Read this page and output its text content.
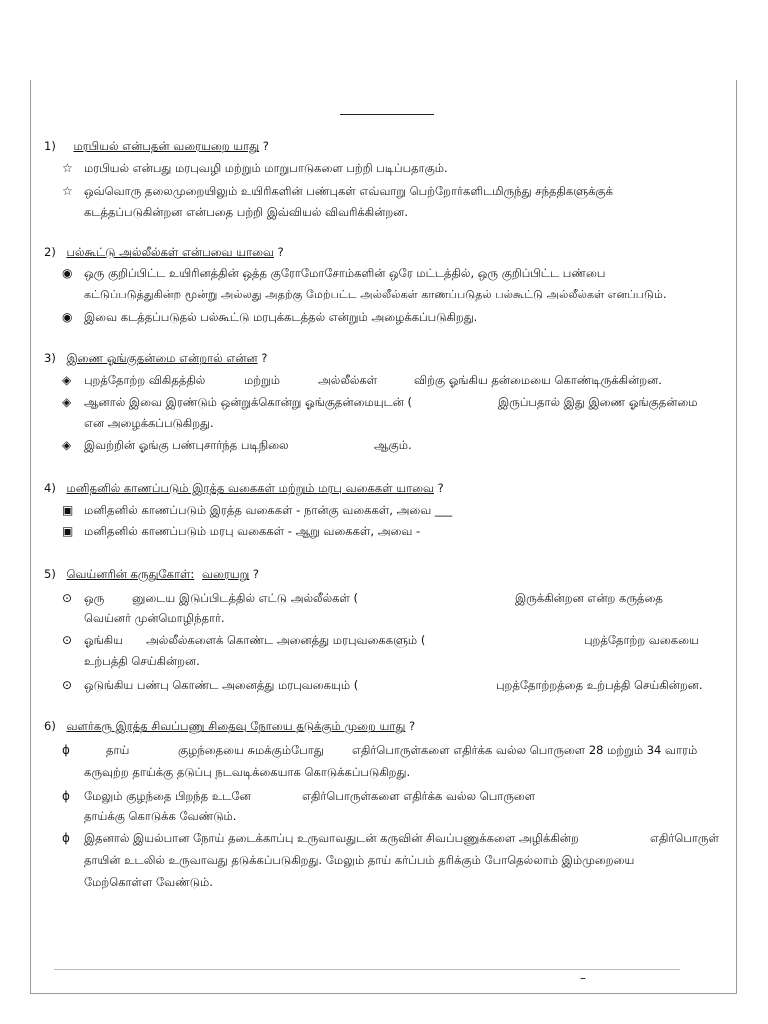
1) மரபியல் என்பதன் வரையறை யாது ?
☆ மரபியல் என்பது மரபுவழி மற்றும் மாறுபாடுகளை பற்றி படிப்பதாகும்.
☆ ஒவ்வொரு தலைமுறையிலும் உயிரிகளின் பண்புகள் எவ்வாறு பெற்றோர்களிடமிருந்து சந்ததிகளுக்குக்
கடத்தப்படுகின்றன என்பதை பற்றி இவ்வியல் விவரிக்கின்றன.
2) பல்கூட்டு அல்லீல்கள் என்பவை யாவை ?
◉ ஒரு குறிப்பிட்ட உயிரினத்தின் ஒத்த குரோமோசோம்களின் ஒரே மட்டத்தில், ஒரு குறிப்பிட்ட பண்பை
கட்டுப்படுத்துகின்ற மூன்று அல்லது அதற்கு மேற்பட்ட அல்லீல்கள் காணப்படுதல் பல்கூட்டு அல்லீல்கள் எனப்படும்.
◉ இவை கடத்தப்படுதல் பல்கூட்டு மரபுக்கடத்தல் என்றும் அழைக்கப்படுகிறது.
3) இணை ஓங்குதன்மை என்றால் என்ன ?
◈ புறத்தோற்ற விகிதத்தில்	மற்றும்	அல்லீல்கள்	விற்கு ஓங்கிய தன்மையை கொண்டிருக்கின்றன.
◈ ஆனால் இவை இரண்டும் ஒன்றுக்கொன்று ஓங்குதன்மையுடன் (	இருப்பதால் இது இணை ஓங்குதன்மை
என அழைக்கப்படுகிறது.
◈ இவற்றின் ஓங்கு பண்புசார்ந்த படிநிலை	ஆகும்.
4) மனிதனில் காணப்படும் இரத்த வகைகள் மற்றும் மரபு வகைகள் யாவை ?
▣ மனிதனில் காணப்படும் இரத்த வகைகள் - நான்கு வகைகள், அவை ___
▣ மனிதனில் காணப்படும் மரபு வகைகள் - ஆறு வகைகள், அவை -
5) வெய்னரின் கருதுகோள்: வரையறு ?
⊙ ஒரு னுடைய இடுப்பிடத்தில் எட்டு அல்லீல்கள் (	இருக்கின்றன என்ற கருத்தை
வெய்னர் முன்மொழிந்தார்.
⊙ ஓங்கிய அல்லீல்களைக் கொண்ட அனைத்து மரபுவகைகளும் (	புறத்தோற்ற வகையை
உற்பத்தி செய்கின்றன.
⊙ ஒடுங்கிய பண்பு கொண்ட அனைத்து மரபுவகையும் (	புறத்தோற்றத்தை உற்பத்தி செய்கின்றன.
6) வளர்கரு இரத்த சிவப்பணு சிதைவு நோயை தடுக்கும் முறை யாது ?
ɸ	தாய்	குழந்தையை சுமக்கும்போது எதிர்பொருள்களை எதிர்க்க வல்ல பொருளை 28 மற்றும் 34 வாரம்
கருவுற்ற தாய்க்கு தடுப்பு நடவடிக்கையாக கொடுக்கப்படுகிறது.
ɸ மேலும் குழந்தை பிறந்த உடனே	எதிர்பொருள்களை எதிர்க்க வல்ல பொருளை
தாய்க்கு கொடுக்க வேண்டும்.
ɸ இதனால் இயல்பான நோய் தடைக்காப்பு உருவாவதுடன் கருவின் சிவப்பணுக்களை அழிக்கின்ற	எதிர்பொருள்
தாயின் உடலில் உருவாவது தடுக்கப்படுகிறது. மேலும் தாய் கர்ப்பம் தரிக்கும் போதெல்லாம் இம்முறையை
மேற்கொள்ள வேண்டும்.
–
